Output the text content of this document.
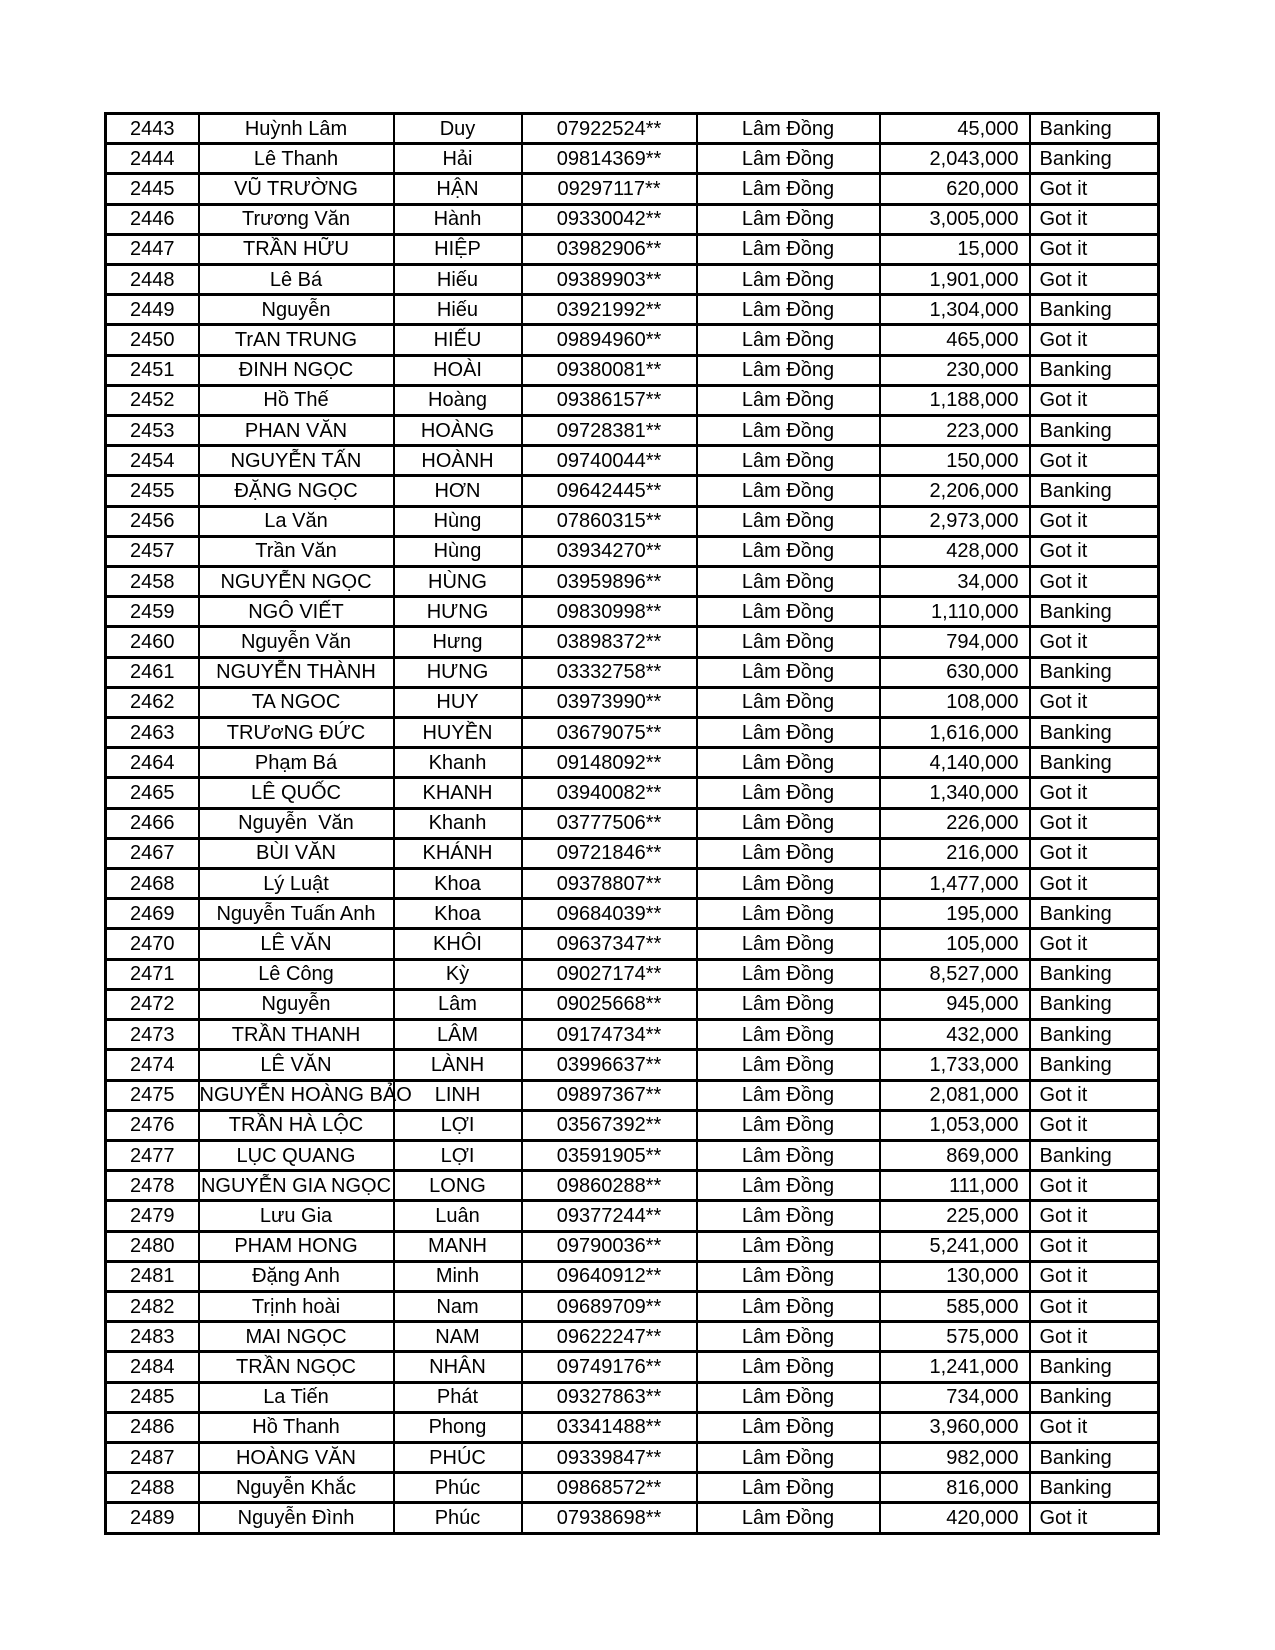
2443	Huỳnh Lâm	Duy	07922524**	Lâm Đồng	45,000	Banking
2444	Lê Thanh	Hải	09814369**	Lâm Đồng	2,043,000	Banking
2445	VŨ TRƯỜNG	HẬN	09297117**	Lâm Đồng	620,000	Got it
2446	Trương Văn	Hành	09330042**	Lâm Đồng	3,005,000	Got it
2447	TRẦN HỮU	HIỆP	03982906**	Lâm Đồng	15,000	Got it
2448	Lê Bá	Hiếu	09389903**	Lâm Đồng	1,901,000	Got it
2449	Nguyễn	Hiếu	03921992**	Lâm Đồng	1,304,000	Banking
2450	TrAN TRUNG	HIẾU	09894960**	Lâm Đồng	465,000	Got it
2451	ĐINH NGỌC	HOÀI	09380081**	Lâm Đồng	230,000	Banking
2452	Hồ Thế	Hoàng	09386157**	Lâm Đồng	1,188,000	Got it
2453	PHAN VĂN	HOÀNG	09728381**	Lâm Đồng	223,000	Banking
2454	NGUYỄN TẤN	HOÀNH	09740044**	Lâm Đồng	150,000	Got it
2455	ĐẶNG NGỌC	HƠN	09642445**	Lâm Đồng	2,206,000	Banking
2456	La Văn	Hùng	07860315**	Lâm Đồng	2,973,000	Got it
2457	Trần Văn	Hùng	03934270**	Lâm Đồng	428,000	Got it
2458	NGUYỄN NGỌC	HÙNG	03959896**	Lâm Đồng	34,000	Got it
2459	NGÔ VIẾT	HƯNG	09830998**	Lâm Đồng	1,110,000	Banking
2460	Nguyễn Văn	Hưng	03898372**	Lâm Đồng	794,000	Got it
2461	NGUYỄN THÀNH	HƯNG	03332758**	Lâm Đồng	630,000	Banking
2462	TA NGOC	HUY	03973990**	Lâm Đồng	108,000	Got it
2463	TRƯơNG ĐỨC	HUYỀN	03679075**	Lâm Đồng	1,616,000	Banking
2464	Phạm Bá	Khanh	09148092**	Lâm Đồng	4,140,000	Banking
2465	LÊ QUỐC	KHANH	03940082**	Lâm Đồng	1,340,000	Got it
2466	Nguyễn  Văn	Khanh	03777506**	Lâm Đồng	226,000	Got it
2467	BÙI VĂN	KHÁNH	09721846**	Lâm Đồng	216,000	Got it
2468	Lý Luật	Khoa	09378807**	Lâm Đồng	1,477,000	Got it
2469	Nguyễn Tuấn Anh	Khoa	09684039**	Lâm Đồng	195,000	Banking
2470	LÊ VĂN	KHÔI	09637347**	Lâm Đồng	105,000	Got it
2471	Lê Công	Kỳ	09027174**	Lâm Đồng	8,527,000	Banking
2472	Nguyễn	Lâm	09025668**	Lâm Đồng	945,000	Banking
2473	TRẦN THANH	LÂM	09174734**	Lâm Đồng	432,000	Banking
2474	LÊ VĂN	LÀNH	03996637**	Lâm Đồng	1,733,000	Banking
2475	NGUYỄN HOÀNG BẢO	LINH	09897367**	Lâm Đồng	2,081,000	Got it
2476	TRẦN HÀ LỘC	LỢI	03567392**	Lâm Đồng	1,053,000	Got it
2477	LỤC QUANG	LỢI	03591905**	Lâm Đồng	869,000	Banking
2478	NGUYỄN GIA NGỌC	LONG	09860288**	Lâm Đồng	111,000	Got it
2479	Lưu Gia	Luân	09377244**	Lâm Đồng	225,000	Got it
2480	PHAM HONG	MANH	09790036**	Lâm Đồng	5,241,000	Got it
2481	Đặng Anh	Minh	09640912**	Lâm Đồng	130,000	Got it
2482	Trịnh hoài	Nam	09689709**	Lâm Đồng	585,000	Got it
2483	MAI NGỌC	NAM	09622247**	Lâm Đồng	575,000	Got it
2484	TRẦN NGỌC	NHÂN	09749176**	Lâm Đồng	1,241,000	Banking
2485	La Tiến	Phát	09327863**	Lâm Đồng	734,000	Banking
2486	Hồ Thanh	Phong	03341488**	Lâm Đồng	3,960,000	Got it
2487	HOÀNG VĂN	PHÚC	09339847**	Lâm Đồng	982,000	Banking
2488	Nguyễn Khắc	Phúc	09868572**	Lâm Đồng	816,000	Banking
2489	Nguyễn Đình	Phúc	07938698**	Lâm Đồng	420,000	Got it
